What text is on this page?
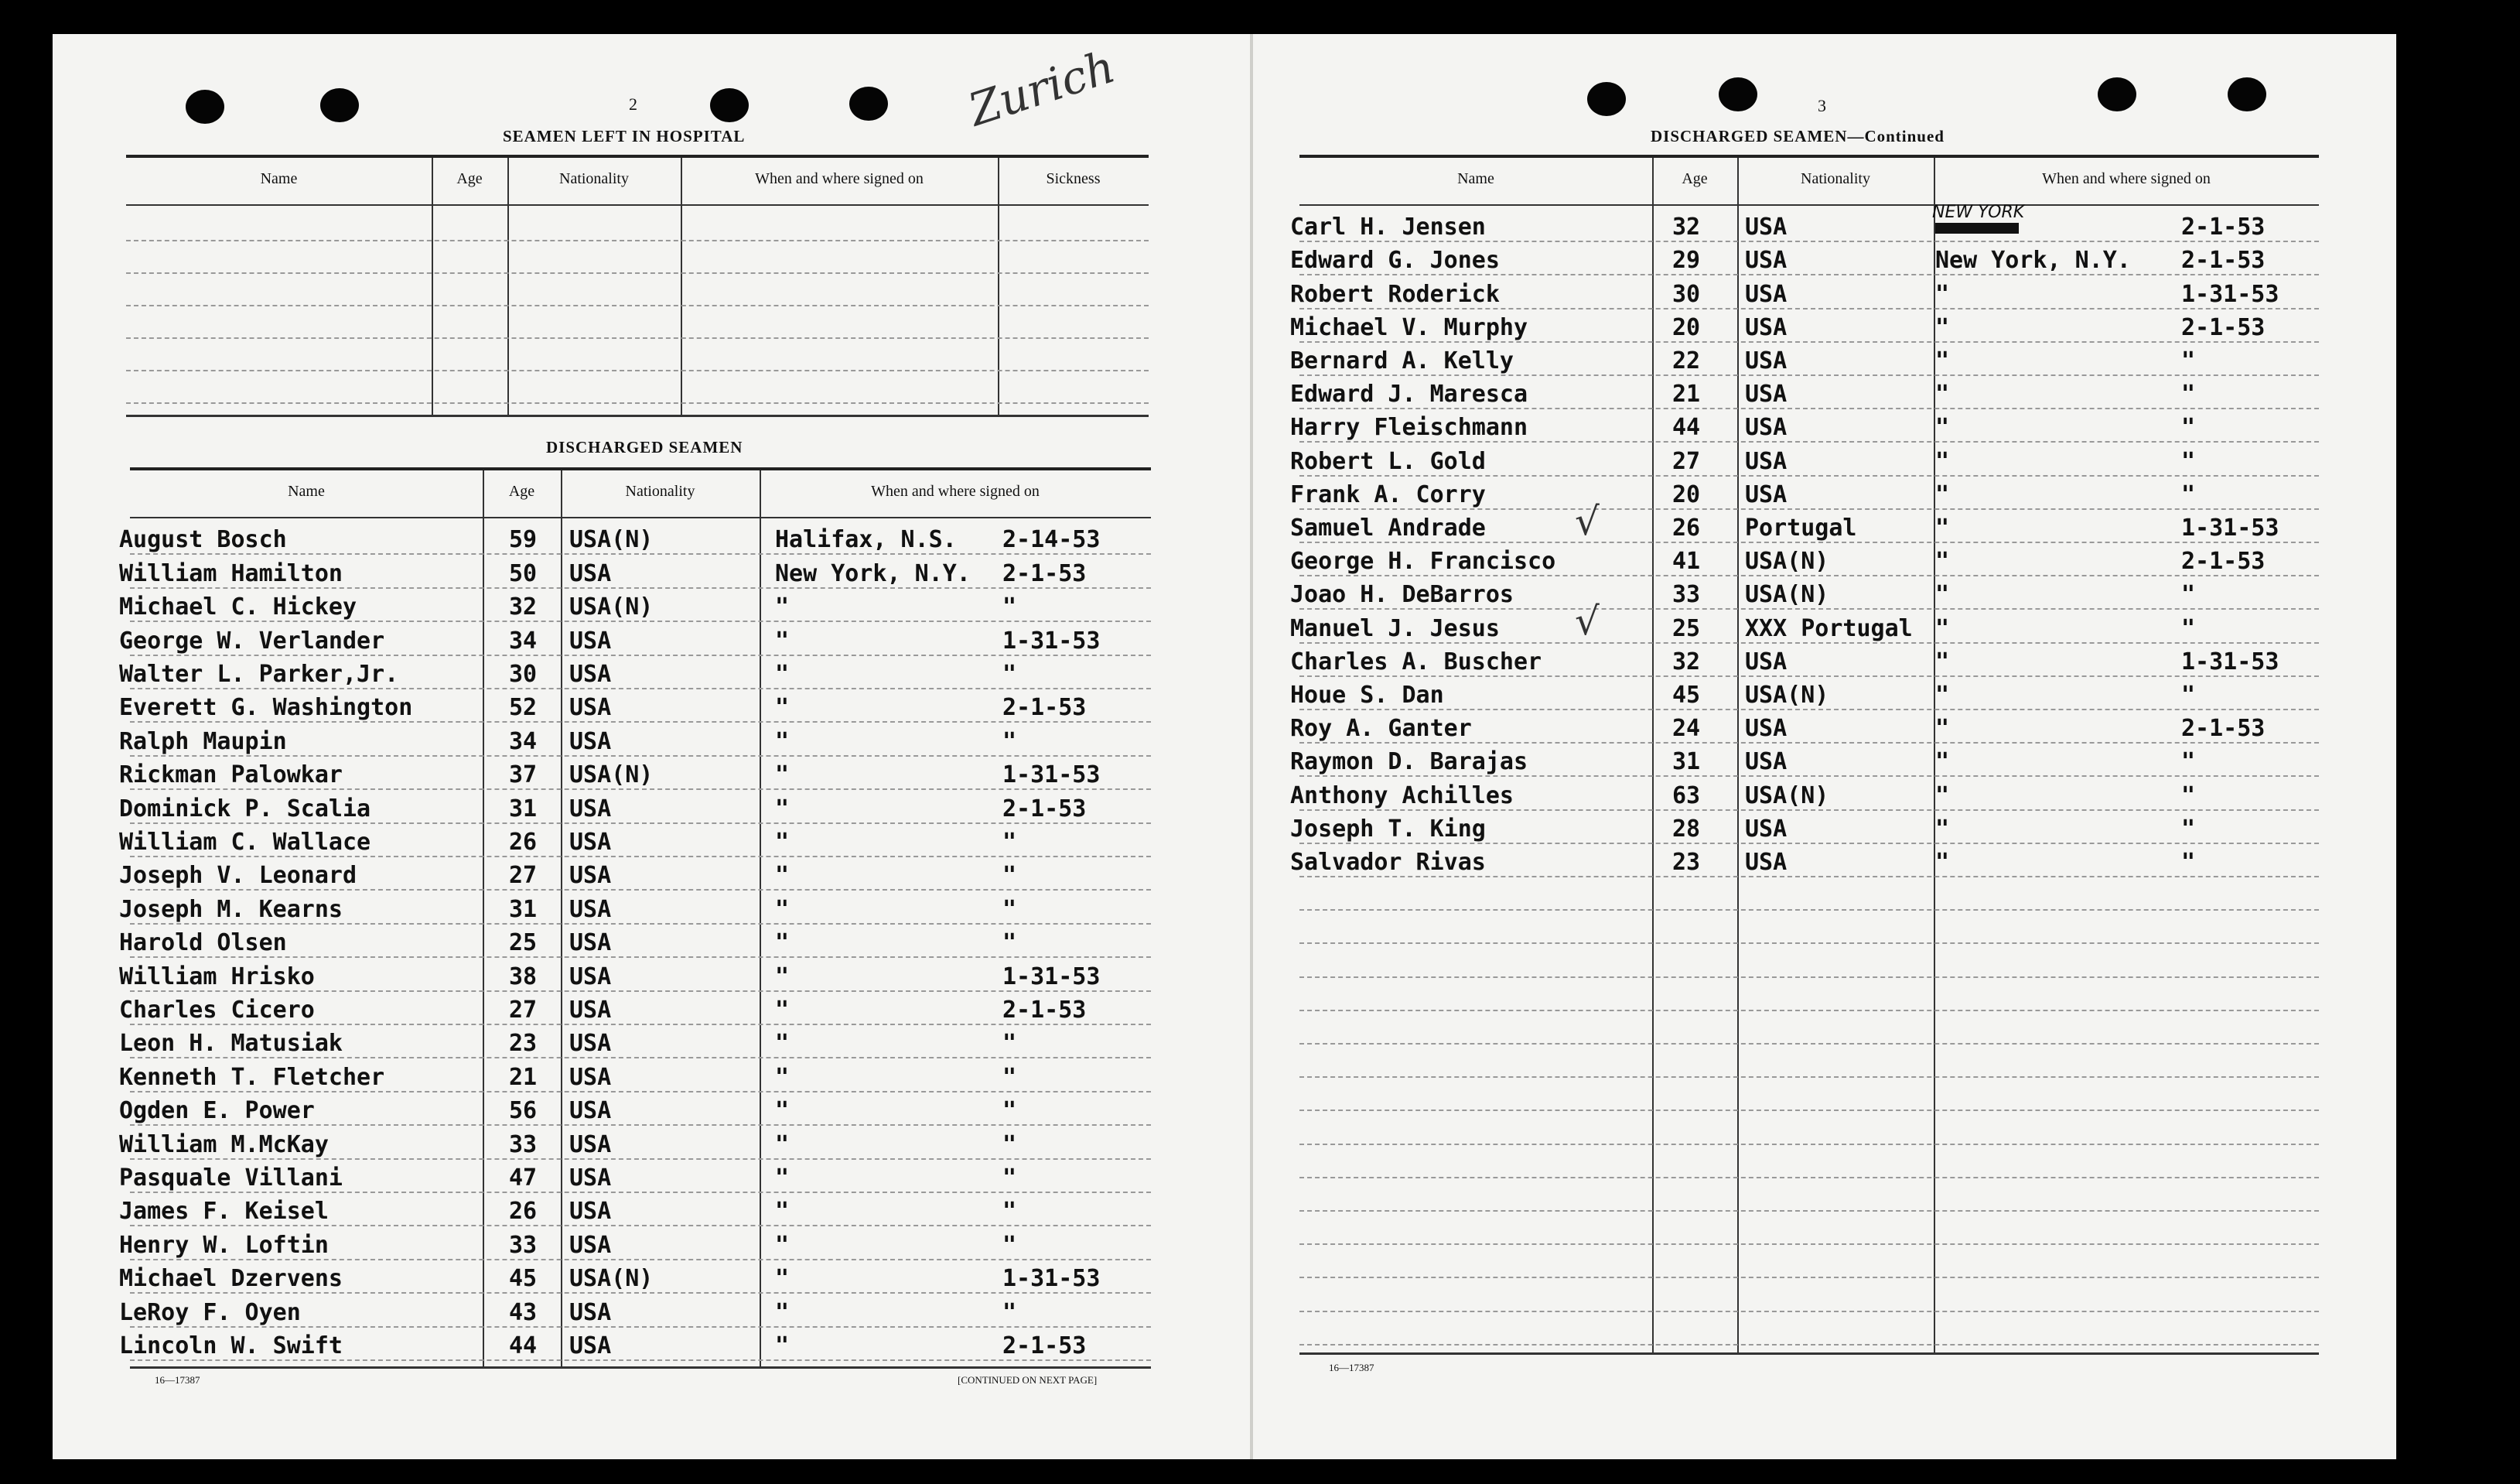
2
SEAMEN LEFT IN HOSPITAL	Zurich
Name	Age	Nationality	When and where signed on	Sickness
DISCHARGED SEAMEN
Name	Age	Nationality	When and where signed on
August Bosch	59 USA(N)	Halifax, N.S. 2-14-53
William Hamilton	50 USA	New York, N.Y. 2-1-53
Michael C. Hickey	32 USA(N)	"	"
George W. Verlander	34 USA	"	1-31-53
Walter L. Parker,Jr.	30 USA	"	"
Everett G. Washington	52 USA	"	2-1-53
Ralph Maupin	34 USA	"	"
Rickman Palowkar	37 USA(N)	"	1-31-53
Dominick P. Scalia	31 USA	"	2-1-53
William C. Wallace	26 USA	"	"
Joseph V. Leonard	27 USA	"	"
Joseph M. Kearns	31 USA	"	"
Harold Olsen	25 USA	"	"
William Hrisko	38 USA	"	1-31-53
Charles Cicero	27 USA	"	2-1-53
Leon H. Matusiak	23 USA	"	"
Kenneth T. Fletcher	21 USA	"	"
Ogden E. Power	56 USA	"	"
William M.McKay	33 USA	"	"
Pasquale Villani	47 USA	"	"
James F. Keisel	26 USA	"	"
Henry W. Loftin	33 USA	"	"
Michael Dzervens	45 USA(N)	"	1-31-53
LeRoy F. Oyen	43 USA	"	"
Lincoln W. Swift	44 USA	"	2-1-53
16—17387	[CONTINUED ON NEXT PAGE]
3
DISCHARGED SEAMEN—Continued
Name	Age	Nationality	When and where signed on
Carl H. Jensen	32 USA	2-1-53
NEW YORK
Edward G. Jones	29 USA	New York, N.Y. 2-1-53
Robert Roderick	30 USA	"	1-31-53
Michael V. Murphy	20 USA	"	2-1-53
Bernard A. Kelly	22 USA	"	"
Edward J. Maresca	21 USA	"	"
Harry Fleischmann	44 USA	"	"
Robert L. Gold	27 USA	"	"
Frank A. Corry	20 USA	"	"
Samuel Andrade	26 Portugal	"	1-31-53
√
George H. Francisco	41 USA(N)	"	2-1-53
Joao H. DeBarros	33 USA(N)	"	"
Manuel J. Jesus	25 XXX Portugal "	"
√
Charles A. Buscher	32 USA	"	1-31-53
Houe S. Dan	45 USA(N)	"	"
Roy A. Ganter	24 USA	"	2-1-53
Raymon D. Barajas	31 USA	"	"
Anthony Achilles	63 USA(N)	"	"
Joseph T. King	28 USA	"	"
Salvador Rivas	23 USA	"	"
16—17387
